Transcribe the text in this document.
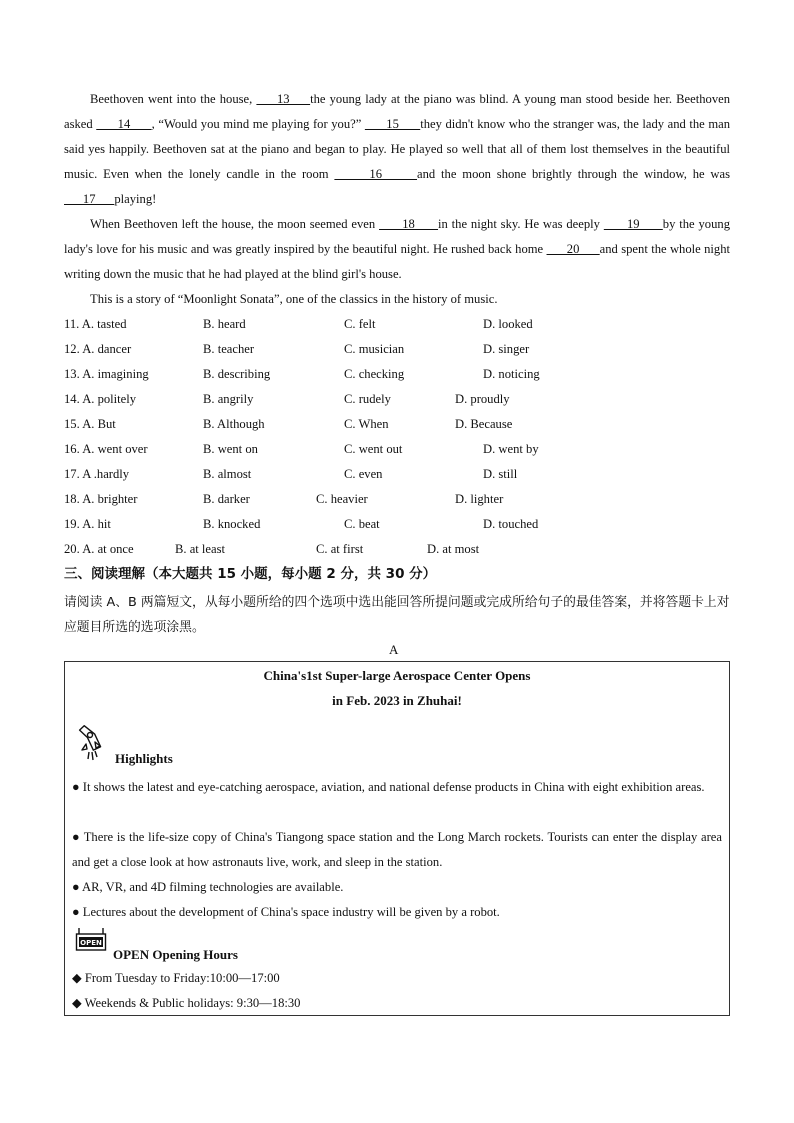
Beethoven went into the house,      13     the young lady at the piano was blind. A young man stood beside her. Beethoven asked       14      , “Would you mind me playing for you?”       15      they didn't know who the stranger was, the lady and the man said yes happily. Beethoven sat at the piano and began to play. He played so well that all of them lost themselves in the beautiful music. Even when the lonely candle in the room       16      and the moon shone brightly through the window, he was       17      playing!

When Beethoven left the house, the moon seemed even       18      in the night sky. He was deeply       19      by the young lady's love for his music and was greatly inspired by the beautiful night. He rushed back home       20      and spent the whole night writing down the music that he had played at the blind girl's house.

This is a story of “Moonlight Sonata”, one of the classics in the history of music.

11. A. tasted	B. heard	C. felt	D. looked
12. A. dancer	B. teacher	C. musician	D. singer
13. A. imagining	B. describing	C. checking	D. noticing
14. A. politely	B. angrily	C. rudely	D. proudly
15. A. But	B. Although	C. When	D. Because
16. A. went over	B. went on	C. went out	D. went by
17. A .hardly	B. almost	C. even	D. still
18. A. brighter	B. darker	C. heavier	D. lighter
19. A. hit	B. knocked	C. beat	D. touched
20. A. at once	B. at least	C. at first	D. at most
三、阅读理解（本大题共 15 小题，每小题 2 分，共 30 分）

请阅读 A、B 两篇短文，从每小题所给的四个选项中选出能回答所提问题或完成所给句子的最佳答案，并将答题卡上对应题目所选的选项涂黑。

A
China's1st Super-large Aerospace Center Opens
in Feb. 2023 in Zhuhai!
Highlights

● It shows the latest and eye-catching aerospace, aviation, and national defense products in China with eight exhibition areas.

● There is the life-size copy of China's Tiangong space station and the Long March rockets. Tourists can enter the display area and get a close look at how astronauts live, work, and sleep in the station.

● AR, VR, and 4D filming technologies are available.

● Lectures about the development of China's space industry will be given by a robot.

OPEN
OPEN Opening Hours

◆ From Tuesday to Friday:10:00—17:00

◆ Weekends & Public holidays: 9:30—18:30
